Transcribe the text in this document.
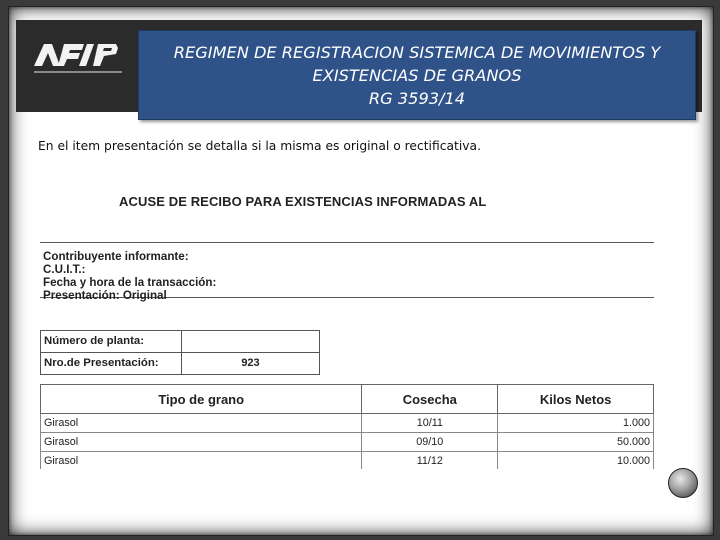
REGIMEN DE REGISTRACION SISTEMICA DE MOVIMIENTOS Y
EXISTENCIAS DE GRANOS
RG 3593/14
En el item presentación se detalla si la misma es original o rectificativa.
ACUSE DE RECIBO PARA EXISTENCIAS INFORMADAS AL
Contribuyente informante:
C.U.I.T.:
Fecha y hora de la transacción:
Presentación: Original
Número de planta:
Nro.de Presentación:	923
Tipo de grano	Cosecha	Kilos Netos
Girasol	10/11	1.000
Girasol	09/10	50.000
Girasol	11/12	10.000
